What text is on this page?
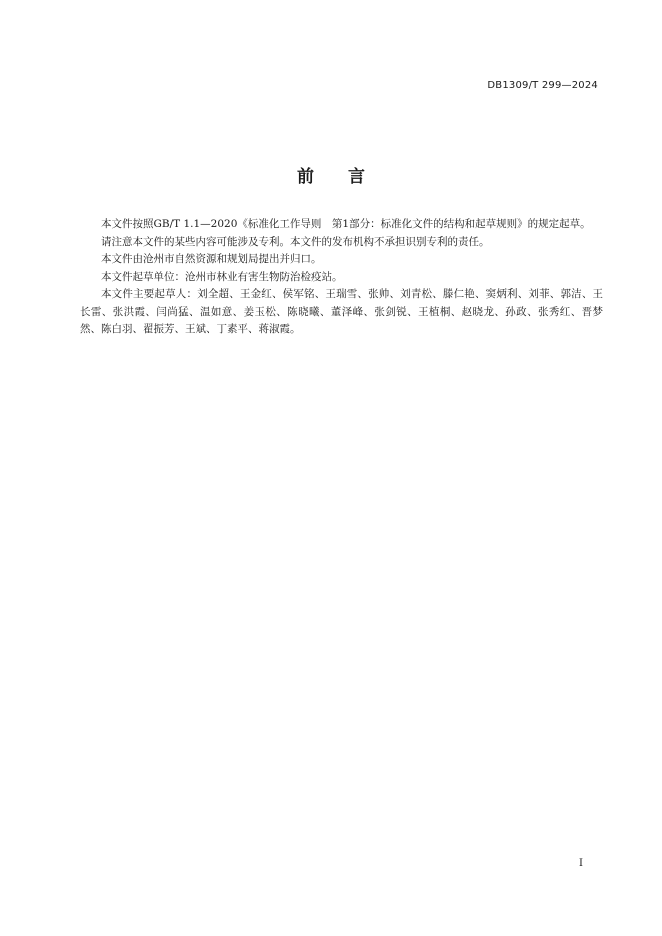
DB1309/T 299—2024
前　　言

本文件按照GB/T 1.1—2020《标准化工作导则　第1部分：标准化文件的结构和起草规则》的规定起草。

请注意本文件的某些内容可能涉及专利。本文件的发布机构不承担识别专利的责任。

本文件由沧州市自然资源和规划局提出并归口。

本文件起草单位：沧州市林业有害生物防治检疫站。

本文件主要起草人：刘全超、王金红、侯军铭、王瑞雪、张帅、刘青松、滕仁艳、窦炳利、刘菲、郭洁、王长雷、张洪霞、闫尚猛、温如意、姜玉松、陈晓曦、董泽峰、张剑锐、王植桐、赵晓龙、孙政、张秀红、晋梦然、陈白羽、翟振芳、王斌、丁素平、蒋淑霞。

I
